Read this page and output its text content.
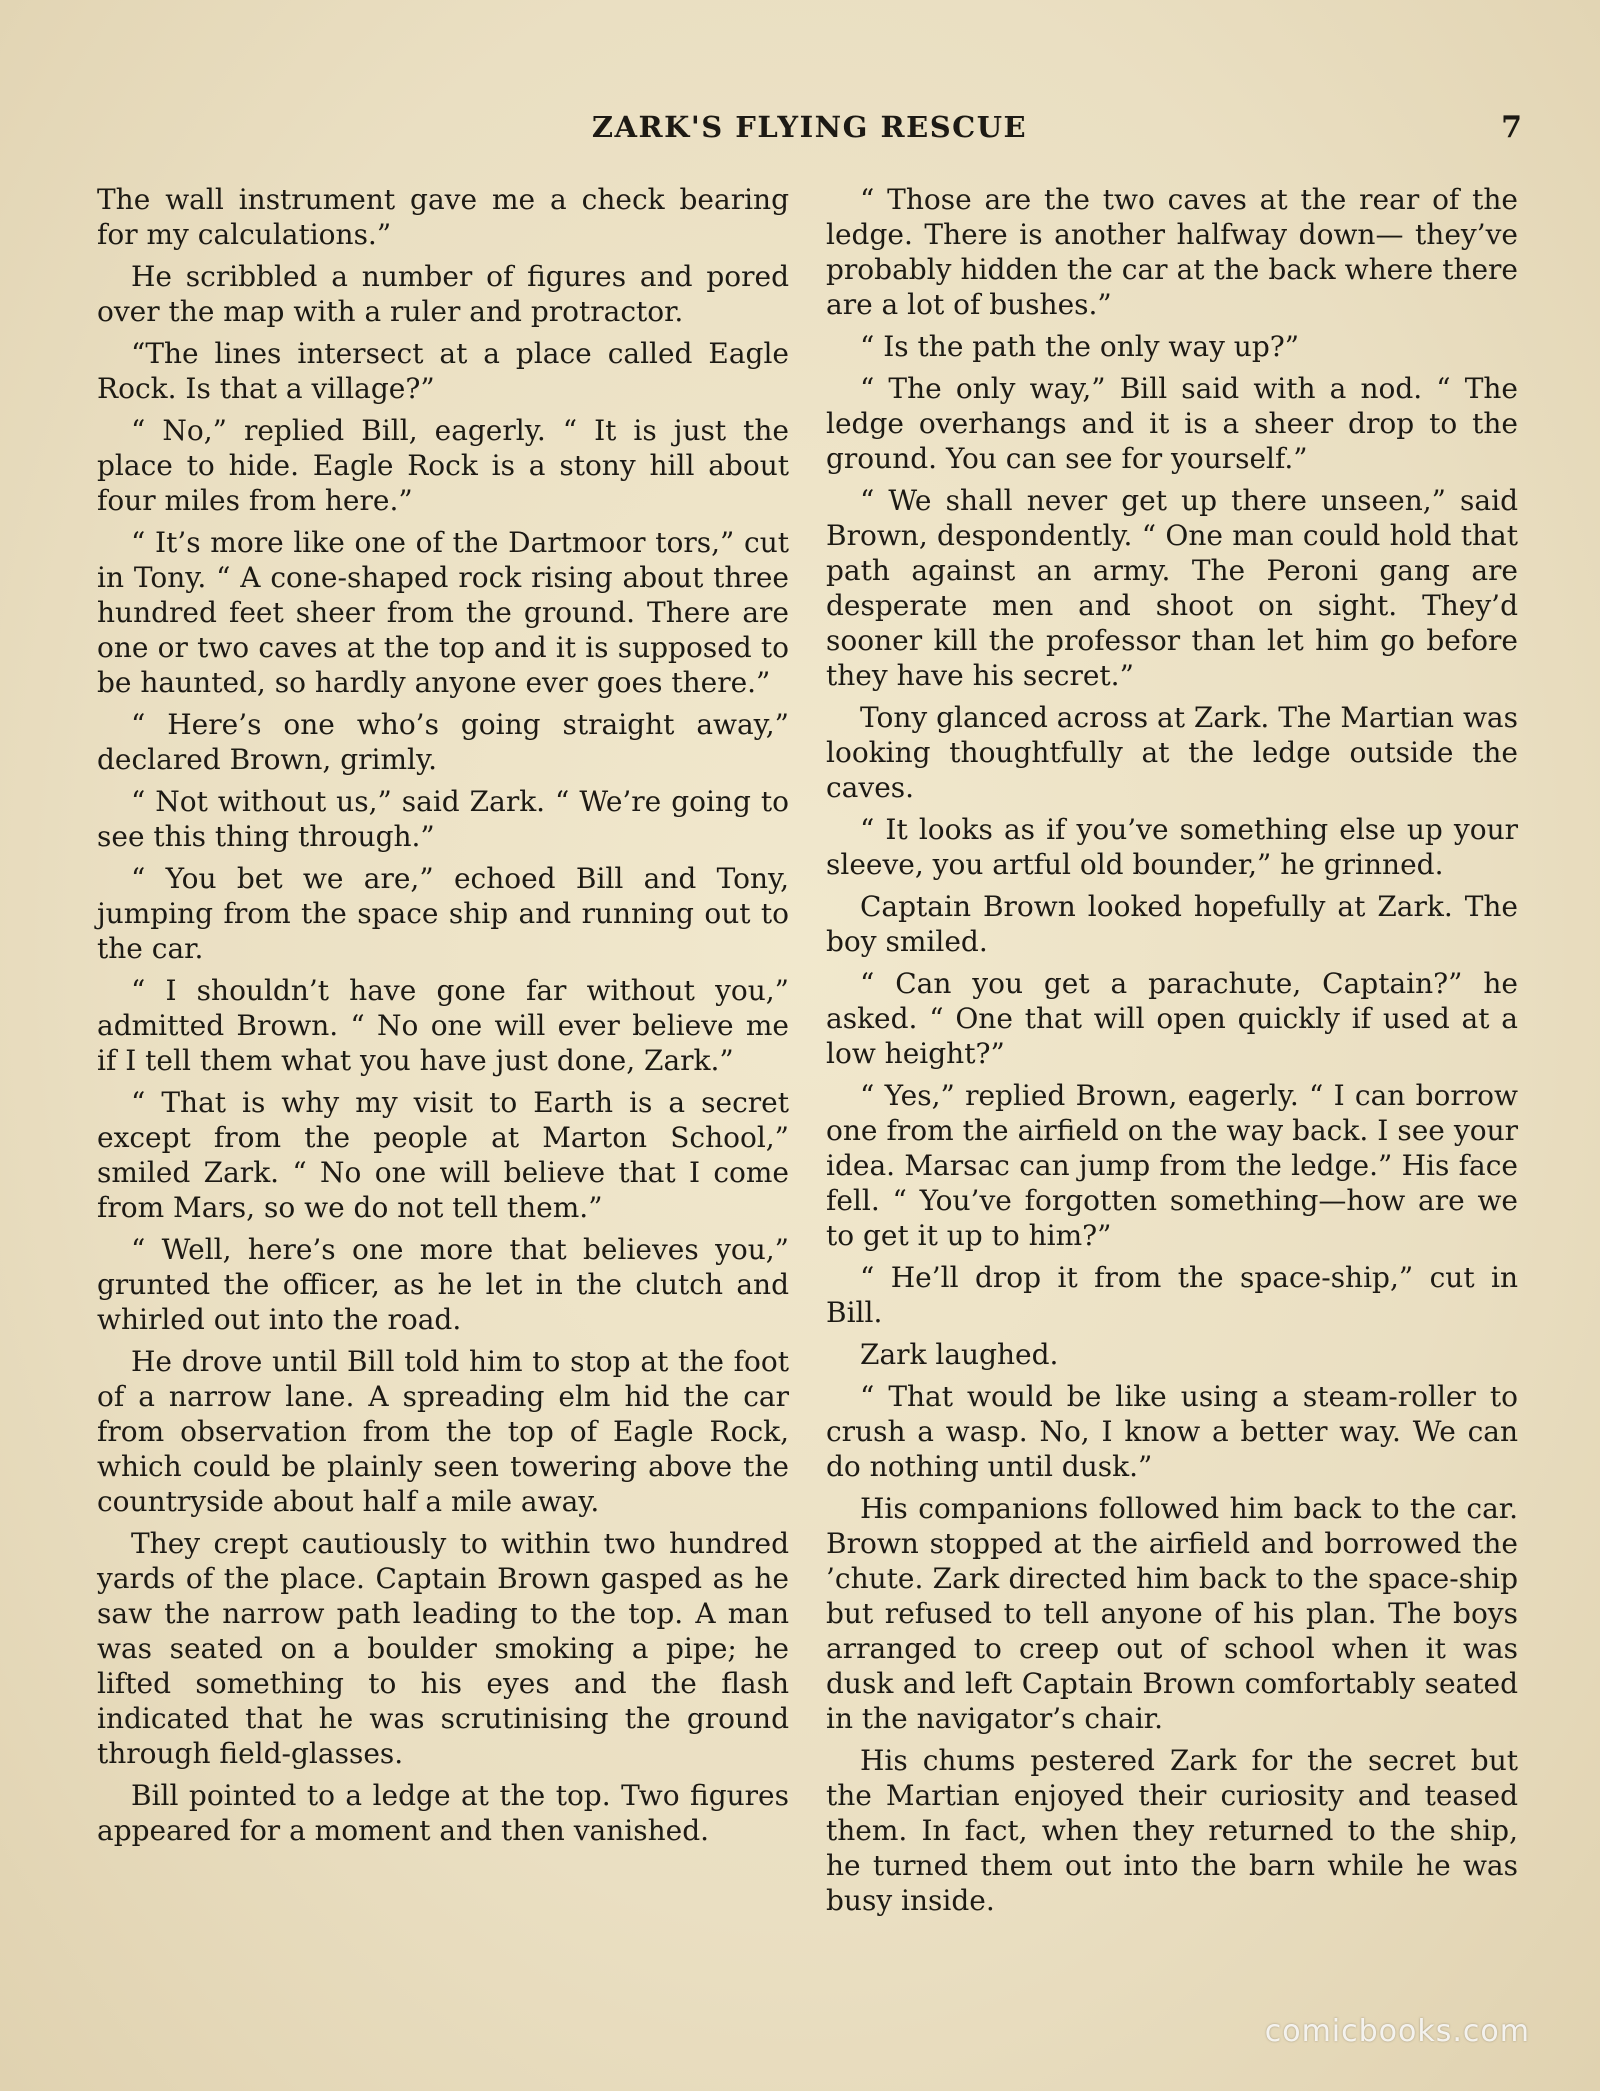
ZARK'S FLYING RESCUE	7

The wall instrument gave me a check bearing for my calculations.”

He scribbled a number of figures and pored over the map with a ruler and protractor.

“The lines intersect at a place called Eagle Rock. Is that a village?”

“ No,” replied Bill, eagerly. “ It is just the place to hide. Eagle Rock is a stony hill about four miles from here.”

“ It’s more like one of the Dartmoor tors,” cut in Tony. “ A cone-shaped rock rising about three hundred feet sheer from the ground. There are one or two caves at the top and it is supposed to be haunted, so hardly anyone ever goes there.”

“ Here’s one who’s going straight away,” declared Brown, grimly.

“ Not without us,” said Zark. “ We’re going to see this thing through.”

“ You bet we are,” echoed Bill and Tony, jumping from the space ship and running out to the car.

“ I shouldn’t have gone far without you,” admitted Brown. “ No one will ever believe me if I tell them what you have just done, Zark.”

“ That is why my visit to Earth is a secret except from the people at Marton School,” smiled Zark. “ No one will believe that I come from Mars, so we do not tell them.”

“ Well, here’s one more that believes you,” grunted the officer, as he let in the clutch and whirled out into the road.

He drove until Bill told him to stop at the foot of a narrow lane. A spreading elm hid the car from observation from the top of Eagle Rock, which could be plainly seen towering above the countryside about half a mile away.

They crept cautiously to within two hundred yards of the place. Captain Brown gasped as he saw the narrow path leading to the top. A man was seated on a boulder smoking a pipe; he lifted something to his eyes and the flash indicated that he was scrutinising the ground through field-glasses.

Bill pointed to a ledge at the top. Two figures appeared for a moment and then vanished.

“ Those are the two caves at the rear of the ledge. There is another halfway down— they’ve probably hidden the car at the back where there are a lot of bushes.”

“ Is the path the only way up?”

“ The only way,” Bill said with a nod. “ The ledge overhangs and it is a sheer drop to the ground. You can see for yourself.”

“ We shall never get up there unseen,” said Brown, despondently. “ One man could hold that path against an army. The Peroni gang are desperate men and shoot on sight. They’d sooner kill the professor than let him go before they have his secret.”

Tony glanced across at Zark. The Martian was looking thoughtfully at the ledge outside the caves.

“ It looks as if you’ve something else up your sleeve, you artful old bounder,” he grinned.

Captain Brown looked hopefully at Zark. The boy smiled.

“ Can you get a parachute, Captain?” he asked. “ One that will open quickly if used at a low height?”

“ Yes,” replied Brown, eagerly. “ I can borrow one from the airfield on the way back. I see your idea. Marsac can jump from the ledge.” His face fell. “ You’ve forgotten something—how are we to get it up to him?”

“ He’ll drop it from the space-ship,” cut in Bill.

Zark laughed.

“ That would be like using a steam-roller to crush a wasp. No, I know a better way. We can do nothing until dusk.”

His companions followed him back to the car. Brown stopped at the airfield and borrowed the ’chute. Zark directed him back to the space-ship but refused to tell anyone of his plan. The boys arranged to creep out of school when it was dusk and left Captain Brown comfortably seated in the navigator’s chair.

His chums pestered Zark for the secret but the Martian enjoyed their curiosity and teased them. In fact, when they returned to the ship, he turned them out into the barn while he was busy inside.

comicbooks.com
